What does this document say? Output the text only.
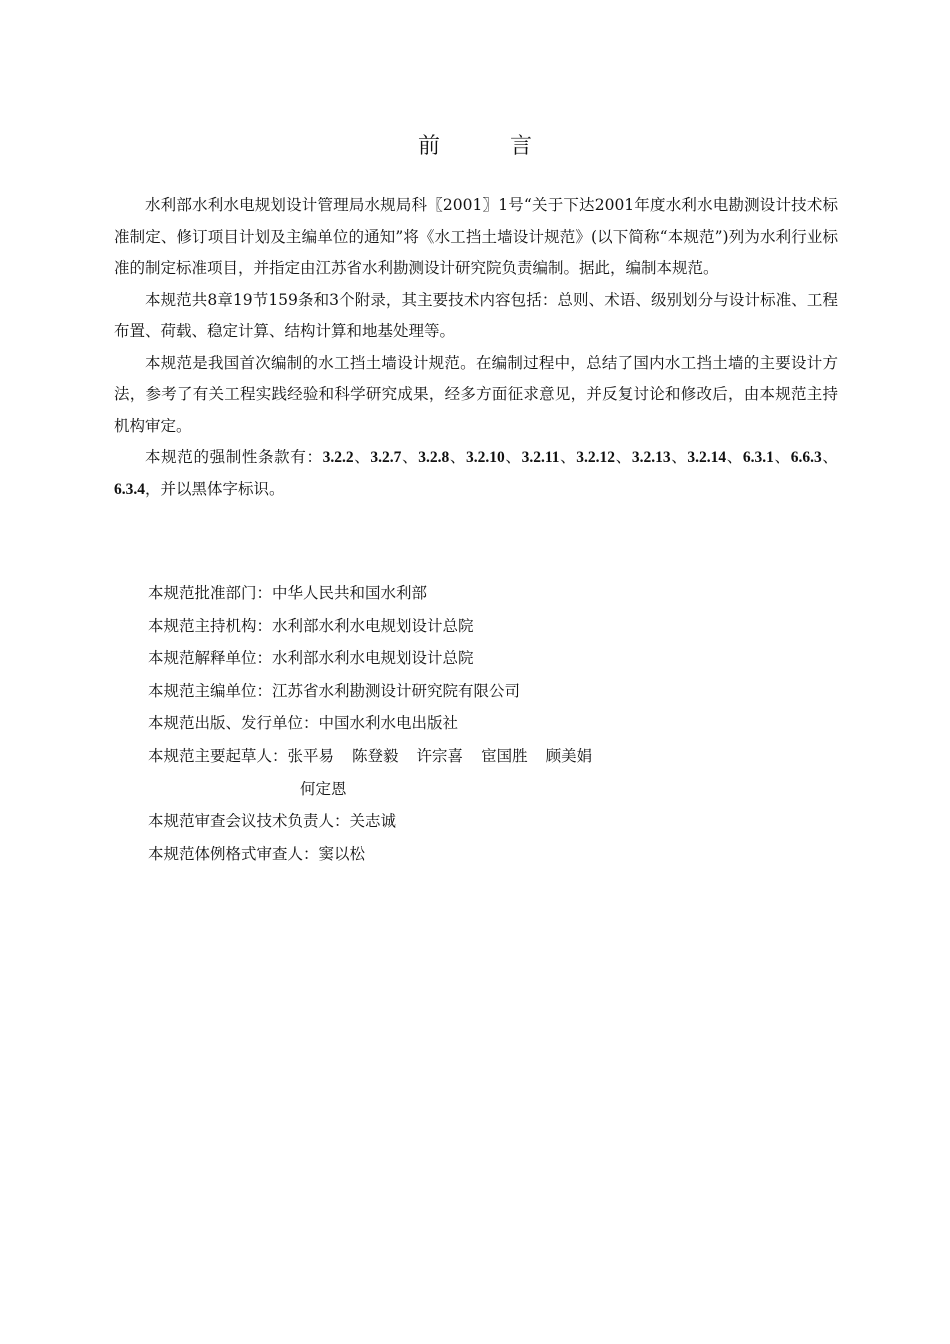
前　言

水利部水利水电规划设计管理局水规局科〖2001〗1号“关于下达2001年度水利水电勘测设计技术标准制定、修订项目计划及主编单位的通知”将《水工挡土墙设计规范》(以下简称“本规范”)列为水利行业标准的制定标准项目，并指定由江苏省水利勘测设计研究院负责编制。据此，编制本规范。

本规范共8章19节159条和3个附录，其主要技术内容包括：总则、术语、级别划分与设计标准、工程布置、荷载、稳定计算、结构计算和地基处理等。

本规范是我国首次编制的水工挡土墙设计规范。在编制过程中，总结了国内水工挡土墙的主要设计方法，参考了有关工程实践经验和科学研究成果，经多方面征求意见，并反复讨论和修改后，由本规范主持机构审定。

本规范的强制性条款有：3.2.2、3.2.7、3.2.8、3.2.10、3.2.11、3.2.12、3.2.13、3.2.14、6.3.1、6.6.3、6.3.4，并以黑体字标识。

本规范批准部门：中华人民共和国水利部
本规范主持机构：水利部水利水电规划设计总院
本规范解释单位：水利部水利水电规划设计总院
本规范主编单位：江苏省水利勘测设计研究院有限公司
本规范出版、发行单位：中国水利水电出版社
本规范主要起草人：张平易 陈登毅 许宗喜 宦国胜 顾美娟
何定恩
本规范审查会议技术负责人：关志诚
本规范体例格式审查人：窦以松
